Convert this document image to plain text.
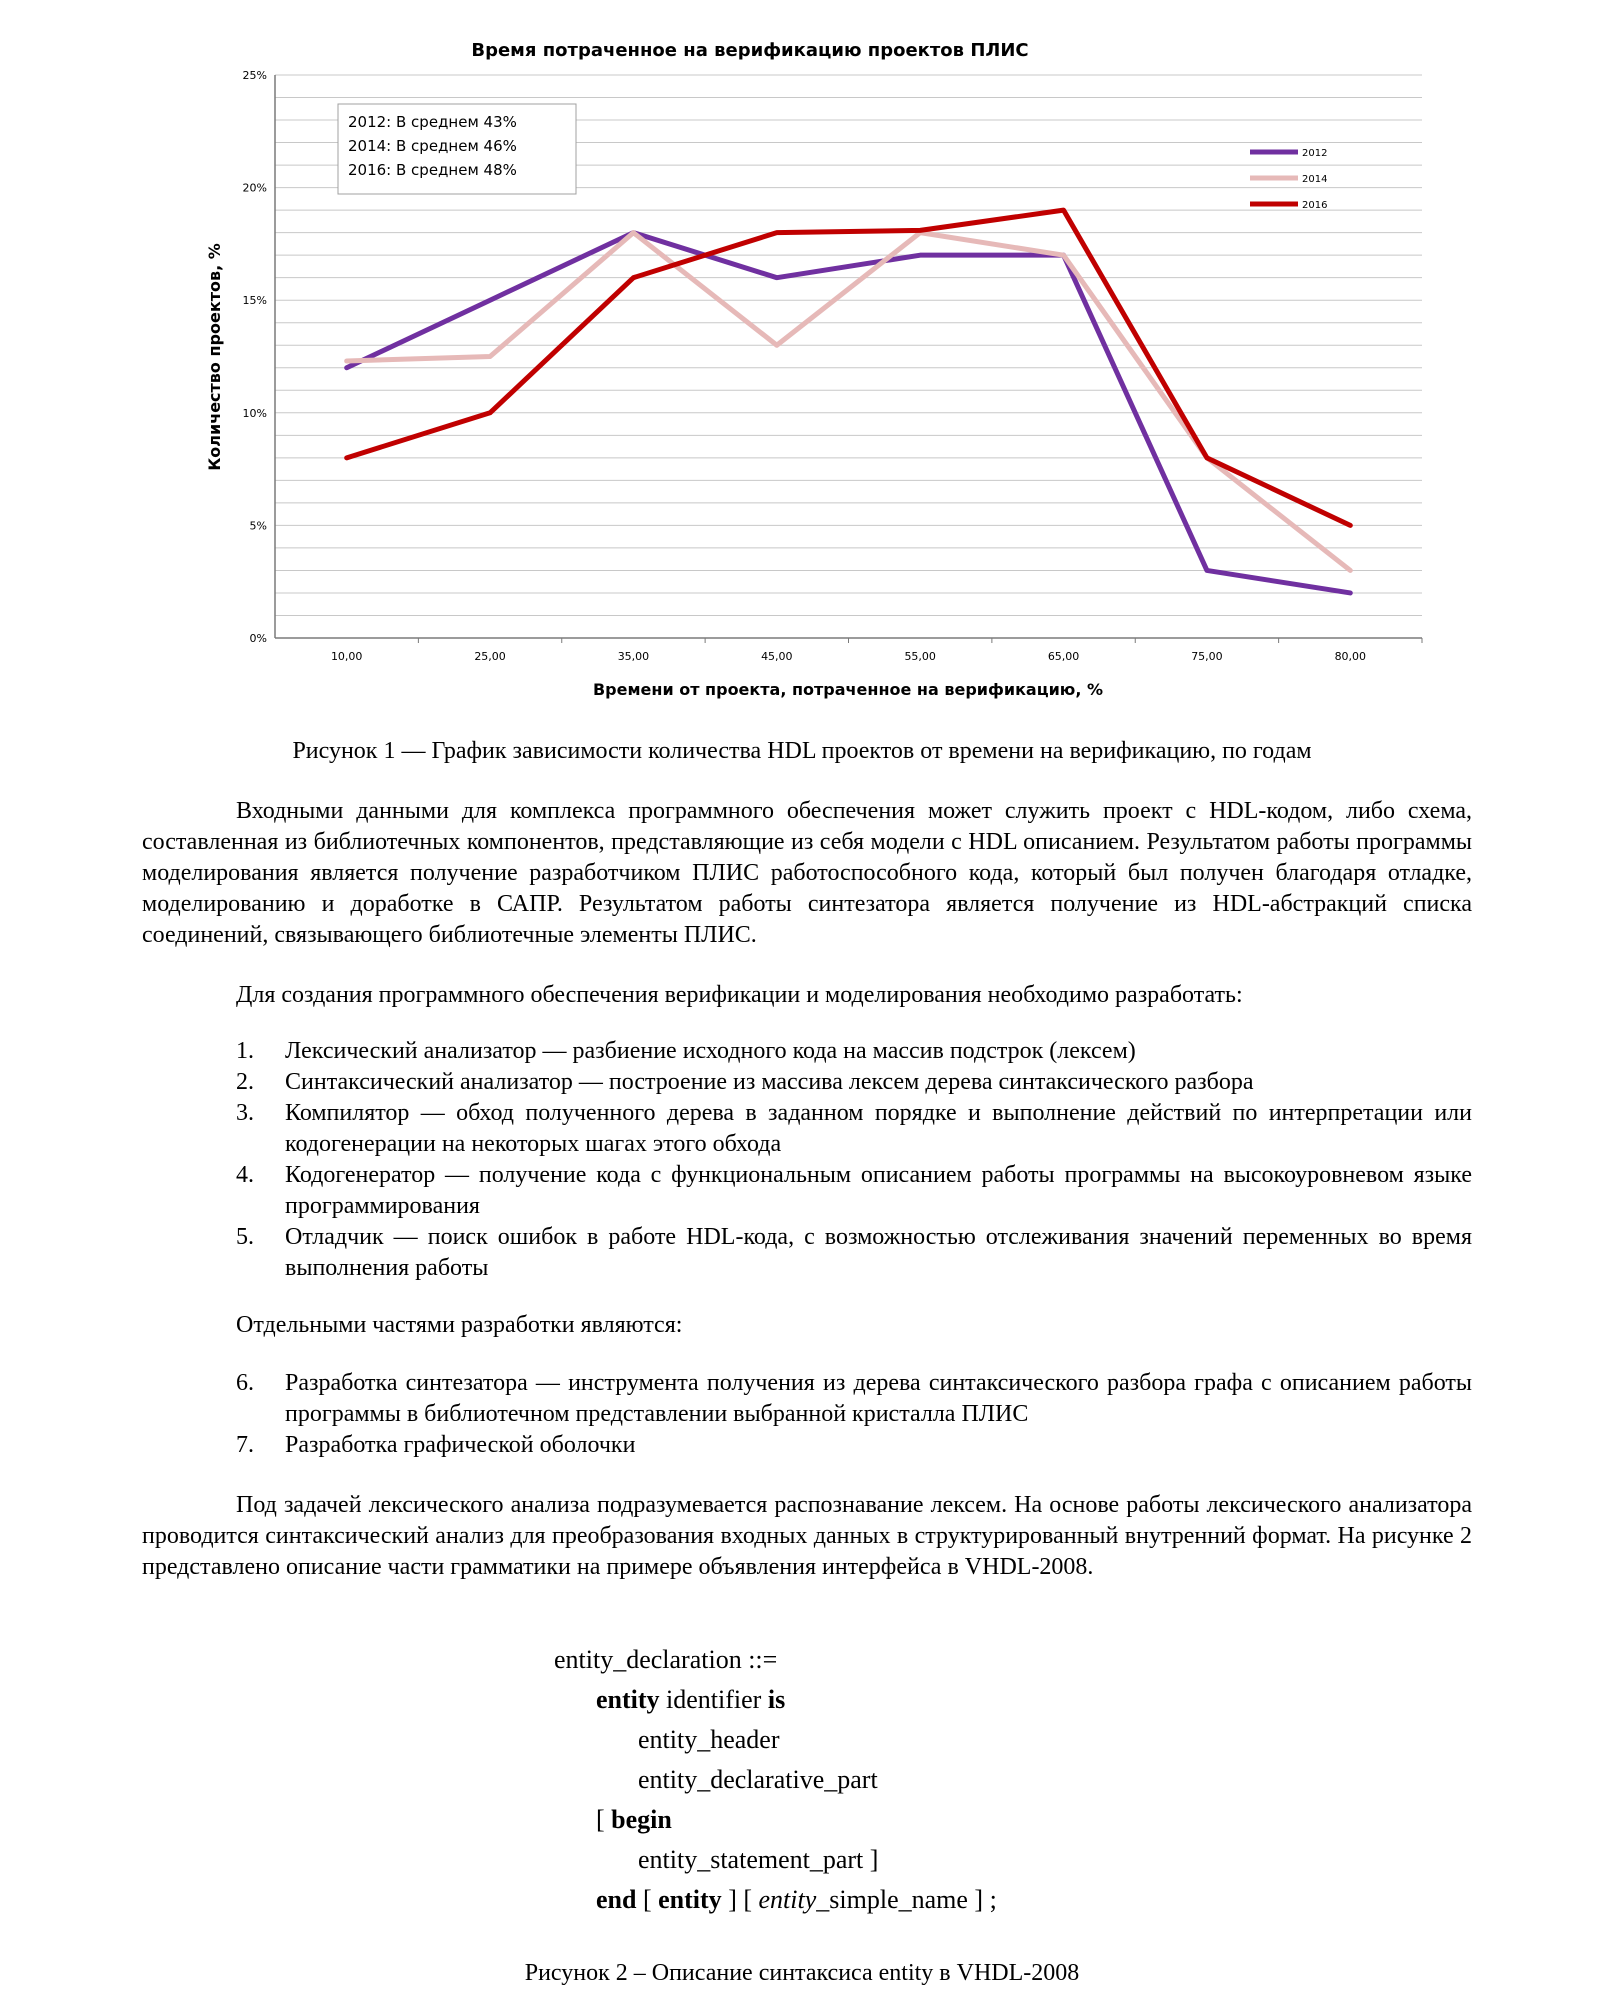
Время потраченное на верификацию проектов ПЛИС
0%
5%
10%
15%
20%
25%
10,00	25,00	35,00	45,00	55,00	65,00	75,00	80,00
2012: В среднем 43%
2014: В среднем 46%
2016: В среднем 48%
2012
2014
2016
Количество проектов, %
Времени от проекта, потраченное на верификацию, %
Рисунок 1 — График зависимости количества HDL проектов от времени на верификацию, по годам

Входными данными для комплекса программного обеспечения может служить проект с HDL-кодом, либо схема, составленная из библиотечных компонентов, представляющие из себя модели с HDL описанием. Результатом работы программы моделирования является получение разработчиком ПЛИС работоспособного кода, который был получен благодаря отладке, моделированию и доработке в САПР. Результатом работы синтезатора является получение из HDL-абстракций списка соединений, связывающего библиотечные элементы ПЛИС.

Для создания программного обеспечения верификации и моделирования необходимо разработать:

1. Лексический анализатор — разбиение исходного кода на массив подстрок (лексем)
2. Синтаксический анализатор — построение из массива лексем дерева синтаксического разбора
3. Компилятор — обход полученного дерева в заданном порядке и выполнение действий по интерпретации или кодогенерации на некоторых шагах этого обхода
4. Кодогенератор — получение кода с функциональным описанием работы программы на высокоуровневом языке программирования
5. Отладчик — поиск ошибок в работе HDL-кода, с возможностью отслеживания значений переменных во время выполнения работы

Отдельными частями разработки являются:

6. Разработка синтезатора — инструмента получения из дерева синтаксического разбора графа с описанием работы программы в библиотечном представлении выбранной кристалла ПЛИС
7. Разработка графической оболочки

Под задачей лексического анализа подразумевается распознавание лексем. На основе работы лексического анализатора проводится синтаксический анализ для преобразования входных данных в структурированный внутренний формат. На рисунке 2 представлено описание части грамматики на примере объявления интерфейса в VHDL-2008.

entity_declaration ::=
entity identifier is
entity_header
entity_declarative_part
[ begin
entity_statement_part ]
end [ entity ] [ entity_simple_name ] ;
Рисунок 2 – Описание синтаксиса entity в VHDL-2008
